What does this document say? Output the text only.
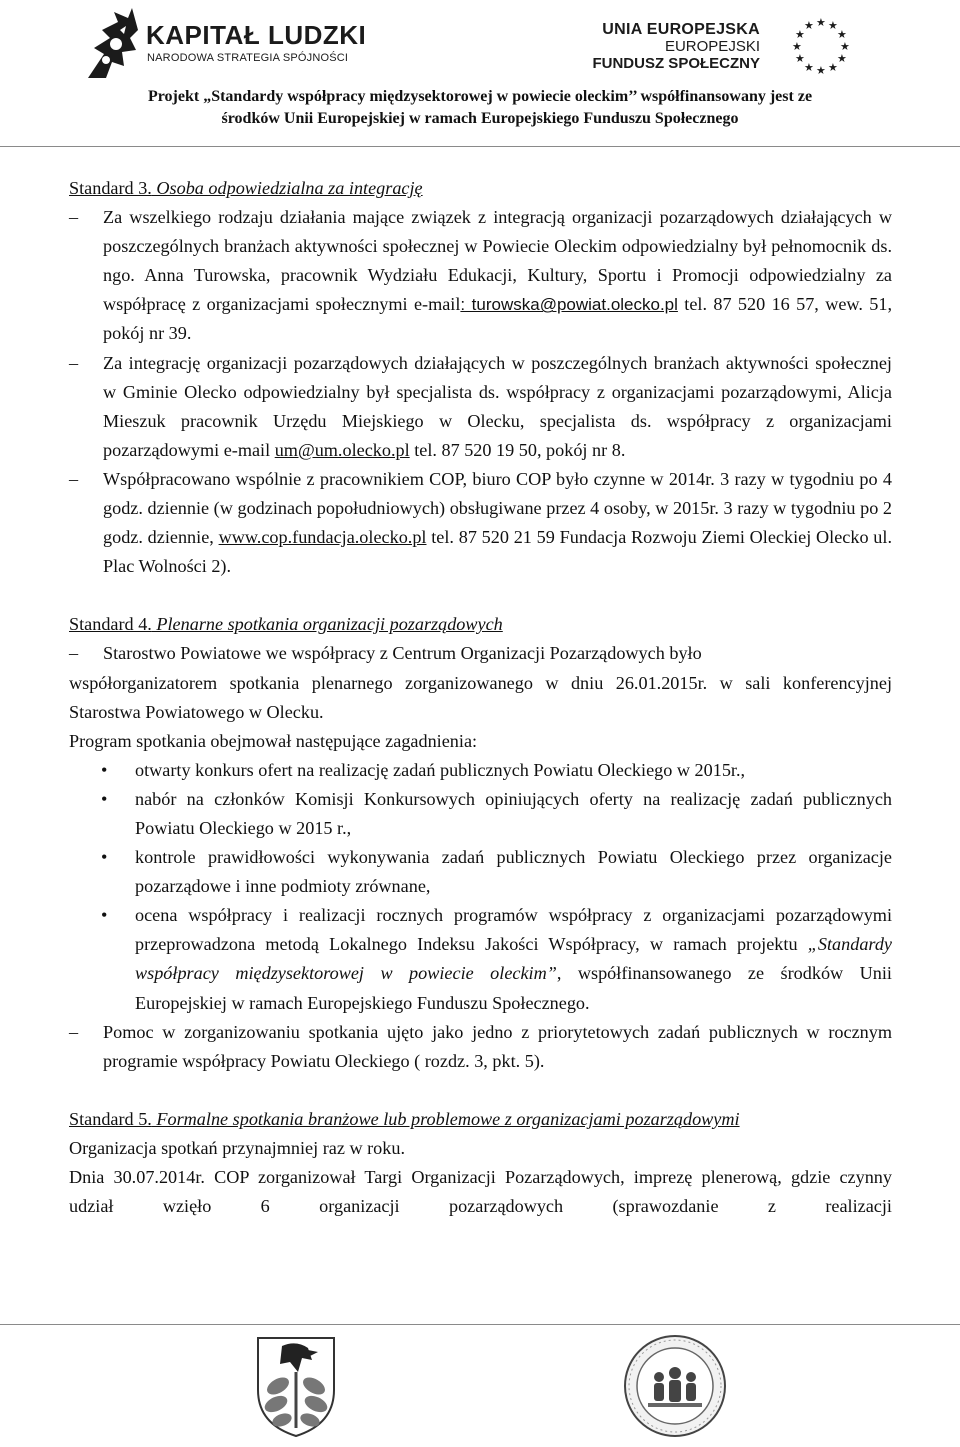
KAPITAŁ LUDZKI
NARODOWA STRATEGIA SPÓJNOŚCI
UNIA EUROPEJSKA
EUROPEJSKI
FUNDUSZ SPOŁECZNY
★ ★
★
★
★
★
★
★
★
★
★
★
Projekt „Standardy współpracy międzysektorowej w powiecie oleckim’’ współfinansowany jest ze
środków Unii Europejskiej w ramach Europejskiego Funduszu Społecznego

Standard 3. Osoba odpowiedzialna za integrację

– Za wszelkiego rodzaju działania mające związek z integracją organizacji pozarządowych działających w poszczególnych branżach aktywności społecznej w Powiecie Oleckim odpowiedzialny był pełnomocnik ds. ngo. Anna Turowska, pracownik Wydziału Edukacji, Kultury, Sportu i Promocji odpowiedzialny za współpracę z organizacjami społecznymi e-mail: turowska@powiat.olecko.pl tel. 87 520 16 57, wew. 51, pokój nr 39.

– Za integrację organizacji pozarządowych działających w poszczególnych branżach aktywności społecznej w Gminie Olecko odpowiedzialny był specjalista ds. współpracy z organizacjami pozarządowymi, Alicja Mieszuk pracownik Urzędu Miejskiego w Olecku, specjalista ds. współpracy z organizacjami pozarządowymi e-mail um@um.olecko.pl tel. 87 520 19 50, pokój nr 8.

– Współpracowano wspólnie z pracownikiem COP, biuro COP było czynne w 2014r. 3 razy w tygodniu po 4 godz. dziennie (w godzinach popołudniowych) obsługiwane przez 4 osoby, w 2015r. 3 razy w tygodniu po 2 godz. dziennie, www.cop.fundacja.olecko.pl tel. 87 520 21 59 Fundacja Rozwoju Ziemi Oleckiej Olecko ul. Plac Wolności 2).

Standard 4. Plenarne spotkania organizacji pozarządowych

– Starostwo Powiatowe we współpracy z Centrum Organizacji Pozarządowych było

współorganizatorem spotkania plenarnego zorganizowanego w dniu 26.01.2015r. w sali konferencyjnej Starostwa Powiatowego w Olecku.

Program spotkania obejmował następujące zagadnienia:

• otwarty konkurs ofert na realizację zadań publicznych Powiatu Oleckiego w 2015r.,
• nabór na członków Komisji Konkursowych opiniujących oferty na realizację zadań publicznych Powiatu Oleckiego w 2015 r.,
• kontrole prawidłowości wykonywania zadań publicznych Powiatu Oleckiego przez organizacje pozarządowe i inne podmioty zrównane,
• ocena współpracy i realizacji rocznych programów współpracy z organizacjami pozarządowymi przeprowadzona metodą Lokalnego Indeksu Jakości Współpracy, w ramach projektu „Standardy współpracy międzysektorowej w powiecie oleckim”, współfinansowanego ze środków Unii Europejskiej w ramach Europejskiego Funduszu Społecznego.

– Pomoc w zorganizowaniu spotkania ujęto jako jedno z priorytetowych zadań publicznych w rocznym programie współpracy Powiatu Oleckiego ( rozdz. 3, pkt. 5).

Standard 5. Formalne spotkania branżowe lub problemowe z organizacjami pozarządowymi

Organizacja spotkań przynajmniej raz w roku.

Dnia 30.07.2014r. COP zorganizował Targi Organizacji Pozarządowych, imprezę plenerową, gdzie czynny udział wzięło 6 organizacji pozarządowych (sprawozdanie z realizacji
